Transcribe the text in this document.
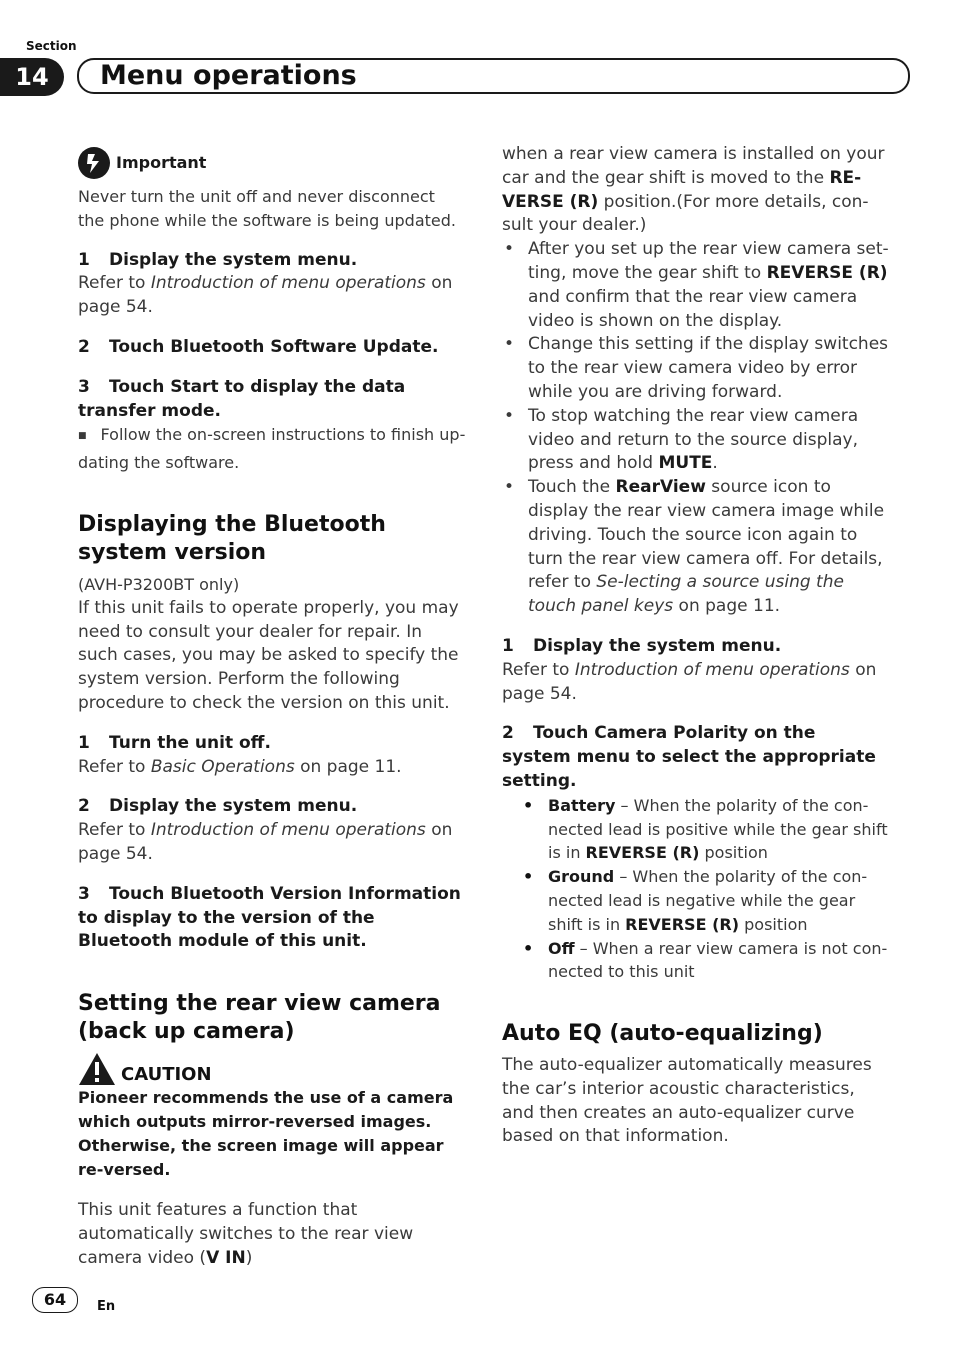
Section
14	Menu operations
Important

Never turn the unit off and never disconnect the phone while the software is being updated.

1 Display the system menu.

Refer to Introduction of menu operations on page 54.

2 Touch Bluetooth Software Update.

3 Touch Start to display the data transfer mode.

■ Follow the on-screen instructions to finish up-dating the software.

Displaying the Bluetooth system version

(AVH-P3200BT only)

If this unit fails to operate properly, you may need to consult your dealer for repair. In such cases, you may be asked to specify the system version. Perform the following procedure to check the version on this unit.

1 Turn the unit off.

Refer to Basic Operations on page 11.

2 Display the system menu.

Refer to Introduction of menu operations on page 54.

3 Touch Bluetooth Version Information to display to the version of the Bluetooth module of this unit.

Setting the rear view camera (back up camera)
CAUTION

Pioneer recommends the use of a camera which outputs mirror-reversed images. Otherwise, the screen image will appear re-versed.

This unit features a function that automatically switches to the rear view camera video (V IN)

when a rear view camera is installed on your car and the gear shift is moved to the RE-VERSE (R) position.(For more details, con-sult your dealer.)

• After you set up the rear view camera set-ting, move the gear shift to REVERSE (R) and confirm that the rear view camera video is shown on the display.
• Change this setting if the display switches to the rear view camera video by error while you are driving forward.
• To stop watching the rear view camera video and return to the source display, press and hold MUTE.
• Touch the RearView source icon to display the rear view camera image while driving. Touch the source icon again to turn the rear view camera off. For details, refer to Se-lecting a source using the touch panel keys on page 11.

1 Display the system menu.

Refer to Introduction of menu operations on page 54.

2 Touch Camera Polarity on the system menu to select the appropriate setting.

• Battery – When the polarity of the con-nected lead is positive while the gear shift is in REVERSE (R) position
• Ground – When the polarity of the con-nected lead is negative while the gear shift is in REVERSE (R) position
• Off – When a rear view camera is not con-nected to this unit
Auto EQ (auto-equalizing)

The auto-equalizer automatically measures the car’s interior acoustic characteristics, and then creates an auto-equalizer curve based on that information.

64	En
